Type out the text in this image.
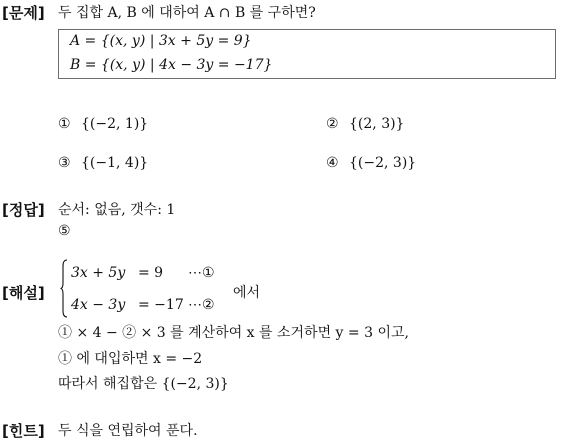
[문제] 두 집합 A, B 에 대하여 A ∩ B 를 구하면?
A = {(x, y) | 3x + 5y = 9}
B = {(x, y) | 4x − 3y = −17}
① {(−2, 1)}	② {(2, 3)}
③ {(−1, 4)}	④ {(−2, 3)}
[정답] 순서: 없음, 갯수: 1
⑤
[해설]
3x + 5y = 9 ⋯①
4x − 3y = −17 ⋯②
에서
① × 4 − ② × 3 를 계산하여 x 를 소거하면 y = 3 이고,
① 에 대입하면 x = −2
따라서 해집합은 {(−2, 3)}
[힌트] 두 식을 연립하여 푼다.
